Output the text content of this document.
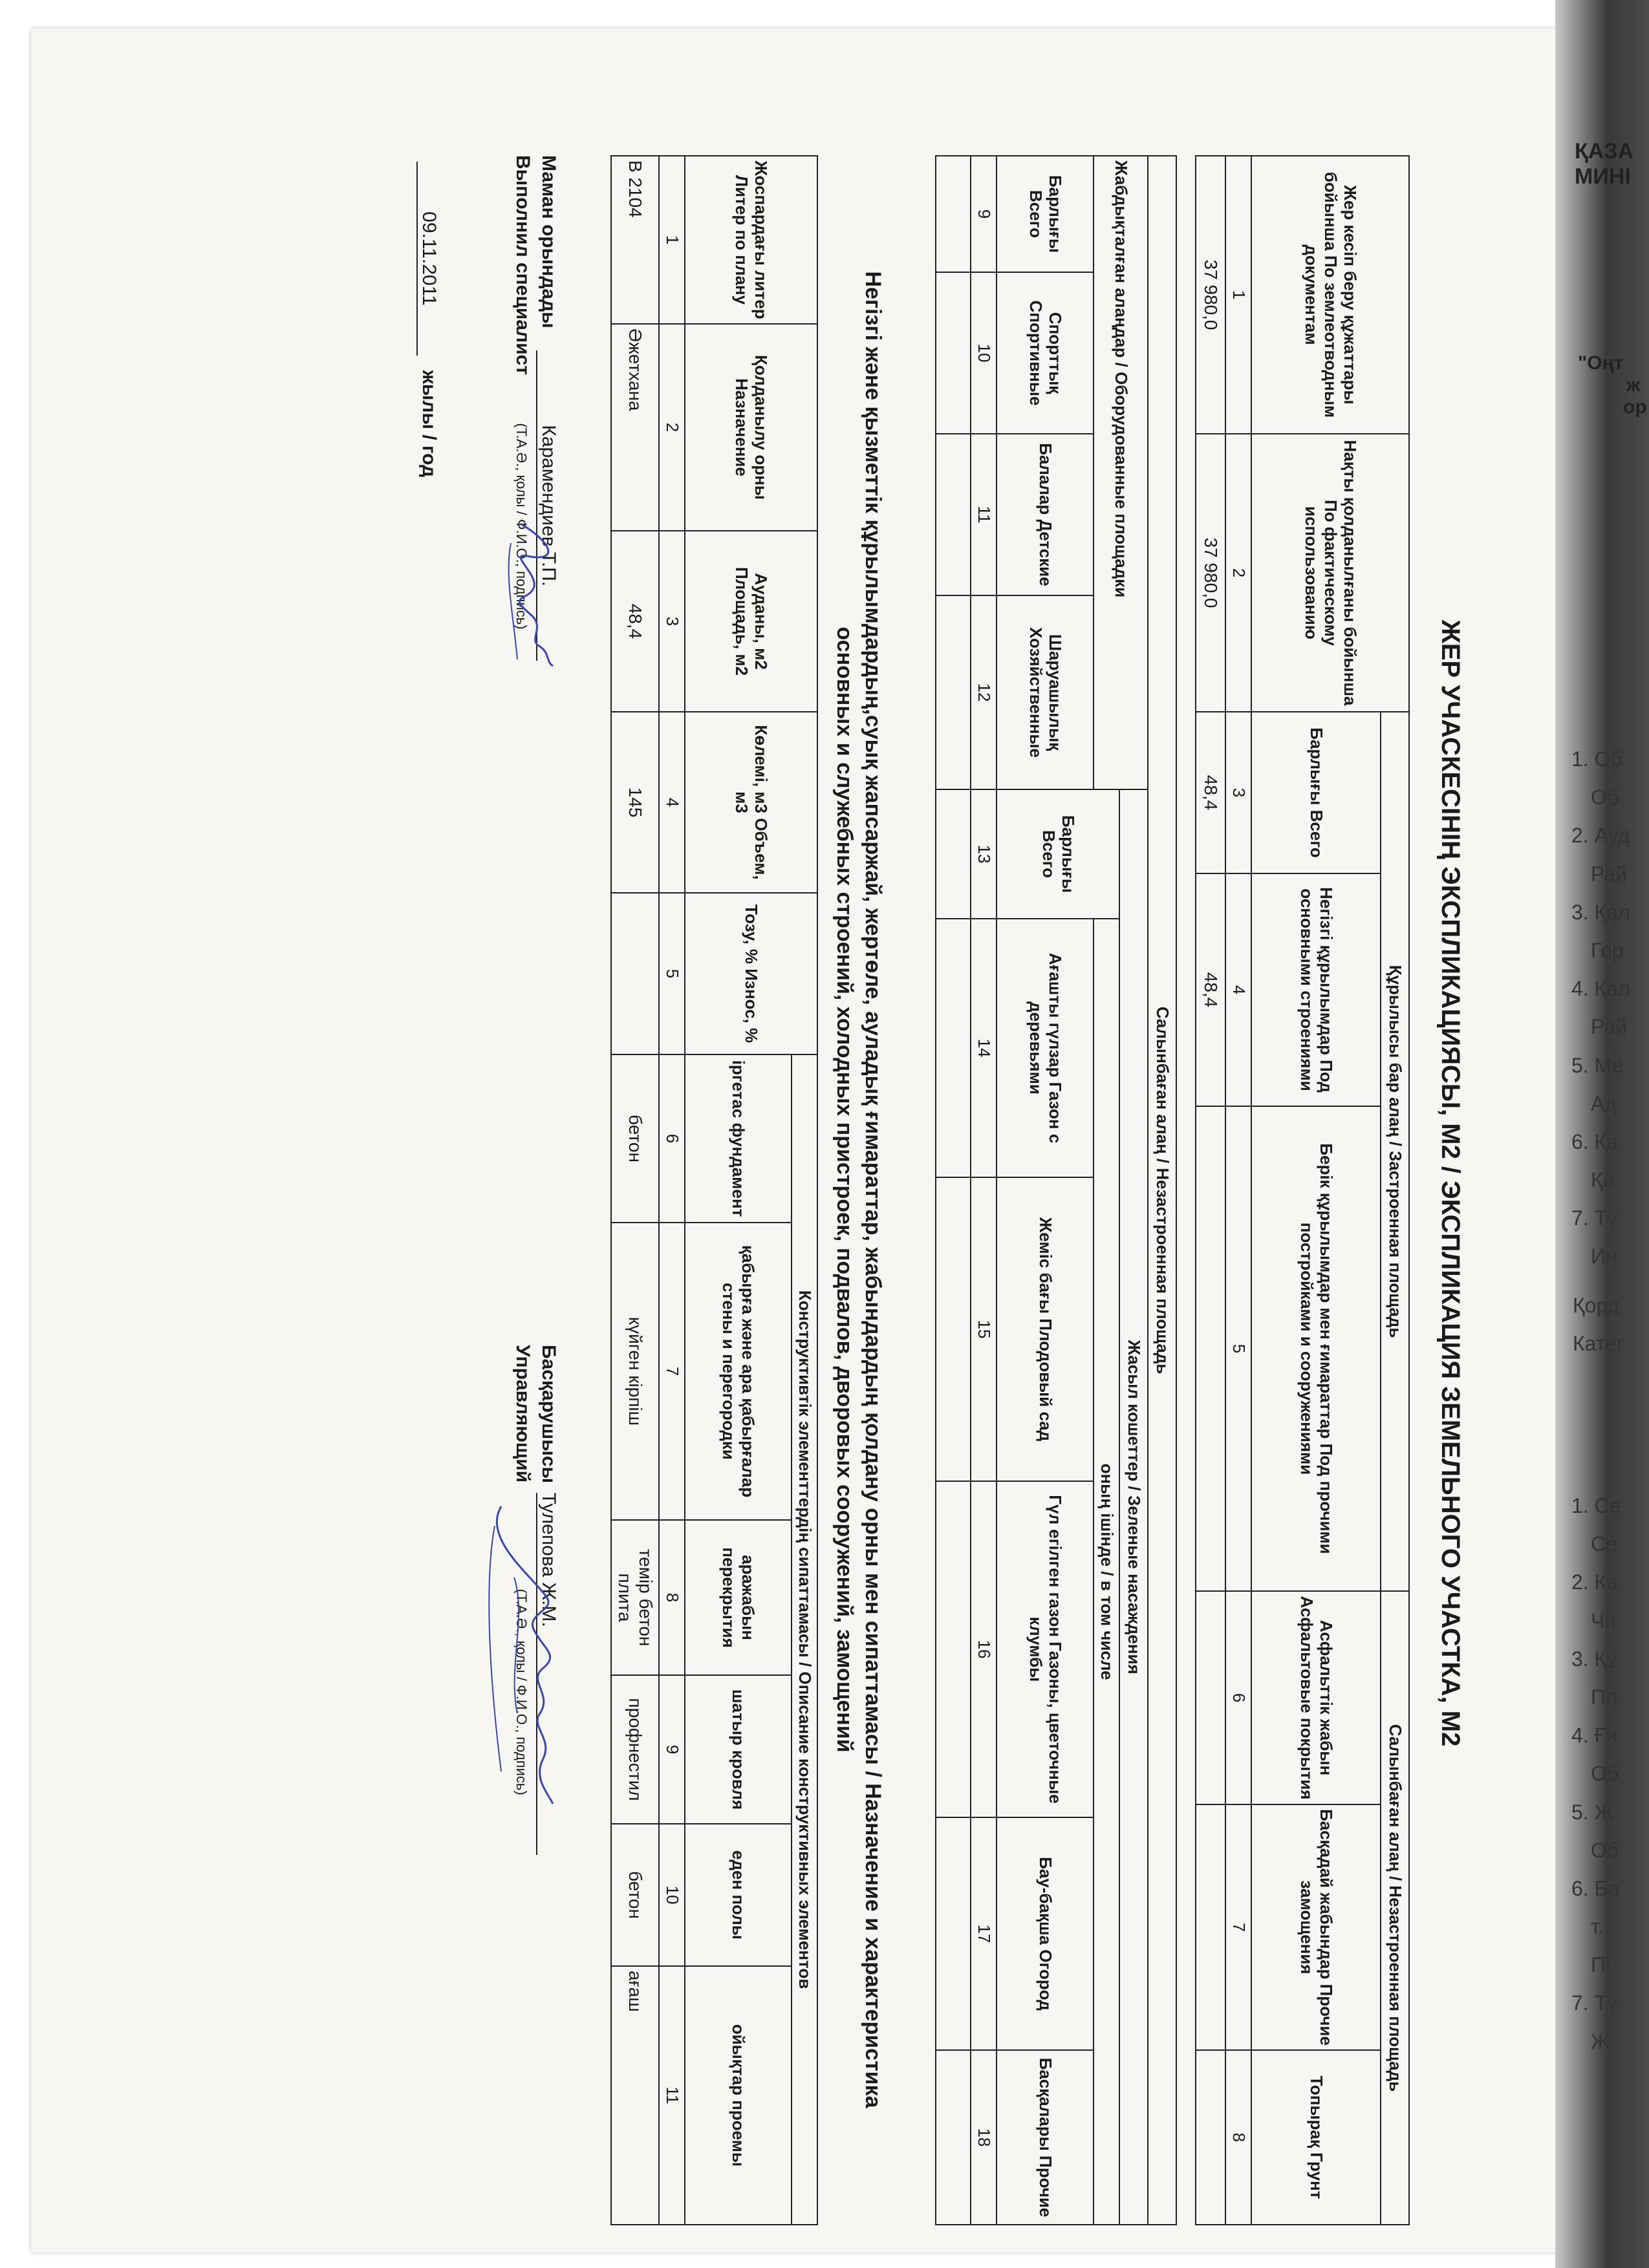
ҚАЗА
МИНІ
"Оңт
ж
ор
1. Об
Об
2. Ауд
Рай
3. Қал
Гор
4. Қал
Рай
5. Ме
Ад
6. Ка
Қа
7. Тү
Ин
Қорд
Катег
1. Се
Се
2. Ка
Чи
3. Құ
Пл
4. Ғи
Об
5. Ж
Об
6. Ба
т.
Пі
7. Тү
Ж
ЖЕР УЧАСКЕСІНІҢ ЭКСПЛИКАЦИЯСЫ, М2 / ЭКСПЛИКАЦИЯ ЗЕМЕЛЬНОГО УЧАСТКА, М2
Жер кесіп беру құжаттары бойынша По землеотводным документам	Нақты қолданылғаны бойынша По фактическому использованию	Құрылысы бар алаң / Застроенная площадь			Салынбаған алаң / Незастроенная площадь		
		Барлығы Всего	Негізгі құрылымдар Под основными строениями	Берік құрылымдар мен ғимараттар Под прочими постройками и сооружениями	Асфальттік жабын Асфальтовые покрытия	Басқадай жабындар Прочие замощения	Топырақ Грунт
1	2	3	4	5	6	7	8
37 980,0	37 980,0	48,4	48,4				
Салынбаған алаң / Незастроенная площадь									
Жабдықталған алаңдар / Оборудованные площадки				Жасыл кошеттер / Зеленые насаждения					
				Барлығы Всего	оның ішінде / в том числе				
Барлығы Всего	Спорттық Спортивные	Балалар Детские	Шаруашылық Хозяйственные		Ағашты гүлзар Газон с деревьями	Жеміс бағы Плодовый сад	Гүл егілген газон Газоны, цветочные клумбы	Бау-бақша Огород	Басқалары Прочие
9	10	11	12	13	14	15	16	17	18

Негізгі және қызметтік құрылымдардың,суық жапсаржай, жертөле, ауладық ғимараттар, жабындардың қолдану орны мен сипаттамасы / Назначение и характеристика основных и служебных строений, холодных пристроек, подвалов, дворовых сооружений, замощений
Жоспардағы литер Литер по плану	Қолданылу орны Назначение	Ауданы, м2 Площадь, м2	Көлемі, м3 Объем, м3	Тозу, % Износ, %	Конструктивтік элементтердің сипаттамасы / Описание конструктивных элементов					
					іргетас фундамент	қабырға және ара қабырғалар стены и перегородки	аражабын перекрытия	шатыр кровля	еден полы	ойықтар проемы
1	2	3	4	5	6	7	8	9	10	11
В 2104	Әжетхана	48,4	145		бетон	күйген кірпіш	темір бетон плита	профнестил	бетон	ағаш
Маман орындады Карамендиев Т.П.
Выполнил специалист (Т.А.Ә., қолы / Ф.И.О., подпись)
Басқарушысы Тулепова Ж.М.
Управляющий (Т.А.Ә., қолы / Ф.И.О., подпись)
09.11.2011 жылы / год
